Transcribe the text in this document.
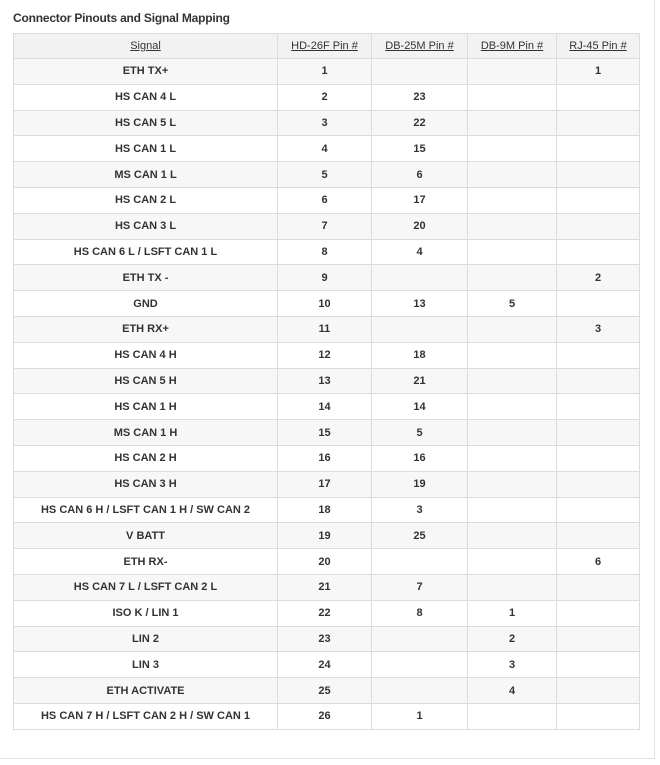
Connector Pinouts and Signal Mapping
Signal	HD-26F Pin #	DB-25M Pin #	DB-9M Pin #	RJ-45 Pin #
ETH TX+	1			1
HS CAN 4 L	2	23		
HS CAN 5 L	3	22		
HS CAN 1 L	4	15		
MS CAN 1 L	5	6		
HS CAN 2 L	6	17		
HS CAN 3 L	7	20		
HS CAN 6 L / LSFT CAN 1 L	8	4		
ETH TX -	9			2
GND	10	13	5	
ETH RX+	11			3
HS CAN 4 H	12	18		
HS CAN 5 H	13	21		
HS CAN 1 H	14	14		
MS CAN 1 H	15	5		
HS CAN 2 H	16	16		
HS CAN 3 H	17	19		
HS CAN 6 H / LSFT CAN 1 H / SW CAN 2	18	3		
V BATT	19	25		
ETH RX-	20			6
HS CAN 7 L / LSFT CAN 2 L	21	7		
ISO K / LIN 1	22	8	1	
LIN 2	23		2	
LIN 3	24		3	
ETH ACTIVATE	25		4	
HS CAN 7 H / LSFT CAN 2 H / SW CAN 1	26	1		
